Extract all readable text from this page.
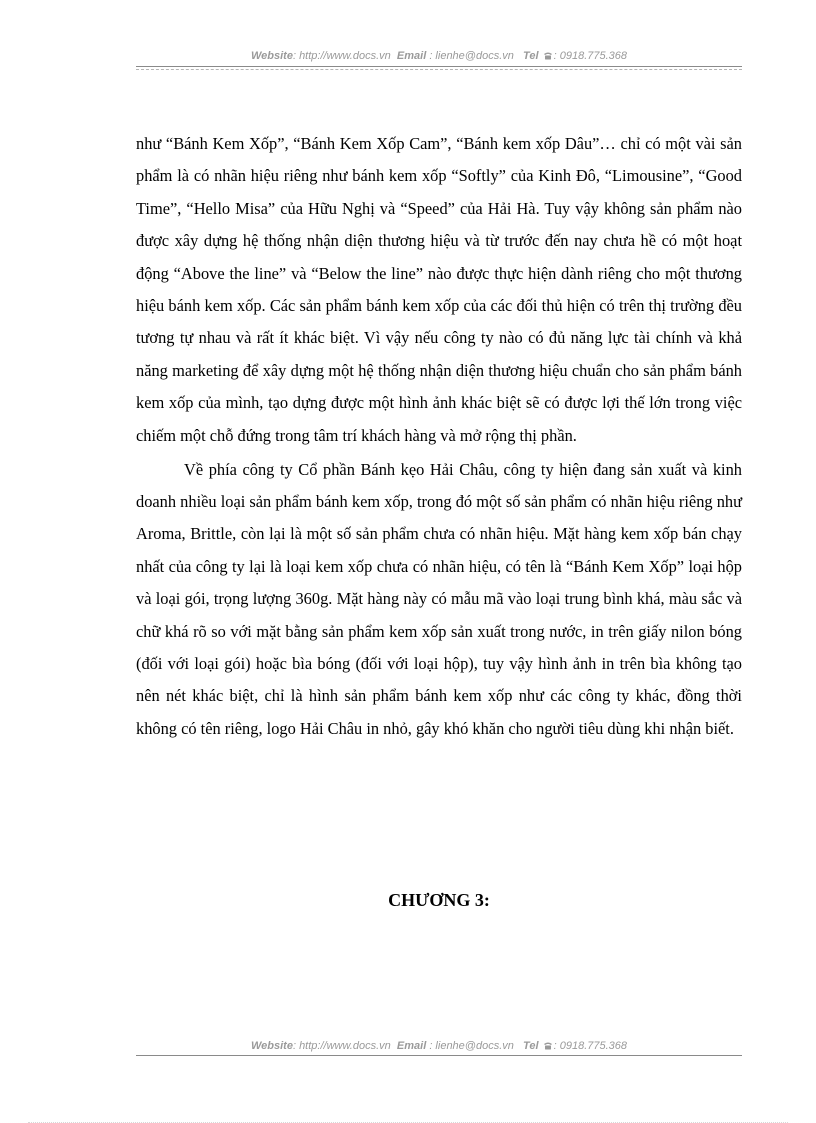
Website: http://www.docs.vn Email : lienhe@docs.vn Tel : 0918.775.368

như “Bánh Kem Xốp”, “Bánh Kem Xốp Cam”, “Bánh kem xốp Dâu”… chỉ có một vài sản phẩm là có nhãn hiệu riêng như bánh kem xốp “Softly” của Kinh Đô, “Limousine”, “Good Time”, “Hello Misa” của Hữu Nghị và “Speed” của Hải Hà. Tuy vậy không sản phẩm nào được xây dựng hệ thống nhận diện thương hiệu và từ trước đến nay chưa hề có một hoạt động “Above the line” và “Below the line” nào được thực hiện dành riêng cho một thương hiệu bánh kem xốp. Các sản phẩm bánh kem xốp của các đối thủ hiện có trên thị trường đều tương tự nhau và rất ít khác biệt. Vì vậy nếu công ty nào có đủ năng lực tài chính và khả năng marketing để xây dựng một hệ thống nhận diện thương hiệu chuẩn cho sản phẩm bánh kem xốp của mình, tạo dựng được một hình ảnh khác biệt sẽ có được lợi thế lớn trong việc chiếm một chỗ đứng trong tâm trí khách hàng và mở rộng thị phần.

Về phía công ty Cổ phần Bánh kẹo Hải Châu, công ty hiện đang sản xuất và kinh doanh nhiều loại sản phẩm bánh kem xốp, trong đó một số sản phẩm có nhãn hiệu riêng như Aroma, Brittle, còn lại là một số sản phẩm chưa có nhãn hiệu. Mặt hàng kem xốp bán chạy nhất của công ty lại là loại kem xốp chưa có nhãn hiệu, có tên là “Bánh Kem Xốp” loại hộp và loại gói, trọng lượng 360g. Mặt hàng này có mẫu mã vào loại trung bình khá, màu sắc và chữ khá rõ so với mặt bằng sản phẩm kem xốp sản xuất trong nước, in trên giấy nilon bóng (đối với loại gói) hoặc bìa bóng (đối với loại hộp), tuy vậy hình ảnh in trên bìa không tạo nên nét khác biệt, chỉ là hình sản phẩm bánh kem xốp như các công ty khác, đồng thời không có tên riêng, logo Hải Châu in nhỏ, gây khó khăn cho người tiêu dùng khi nhận biết.

CHƯƠNG 3:
Website: http://www.docs.vn Email : lienhe@docs.vn Tel : 0918.775.368
